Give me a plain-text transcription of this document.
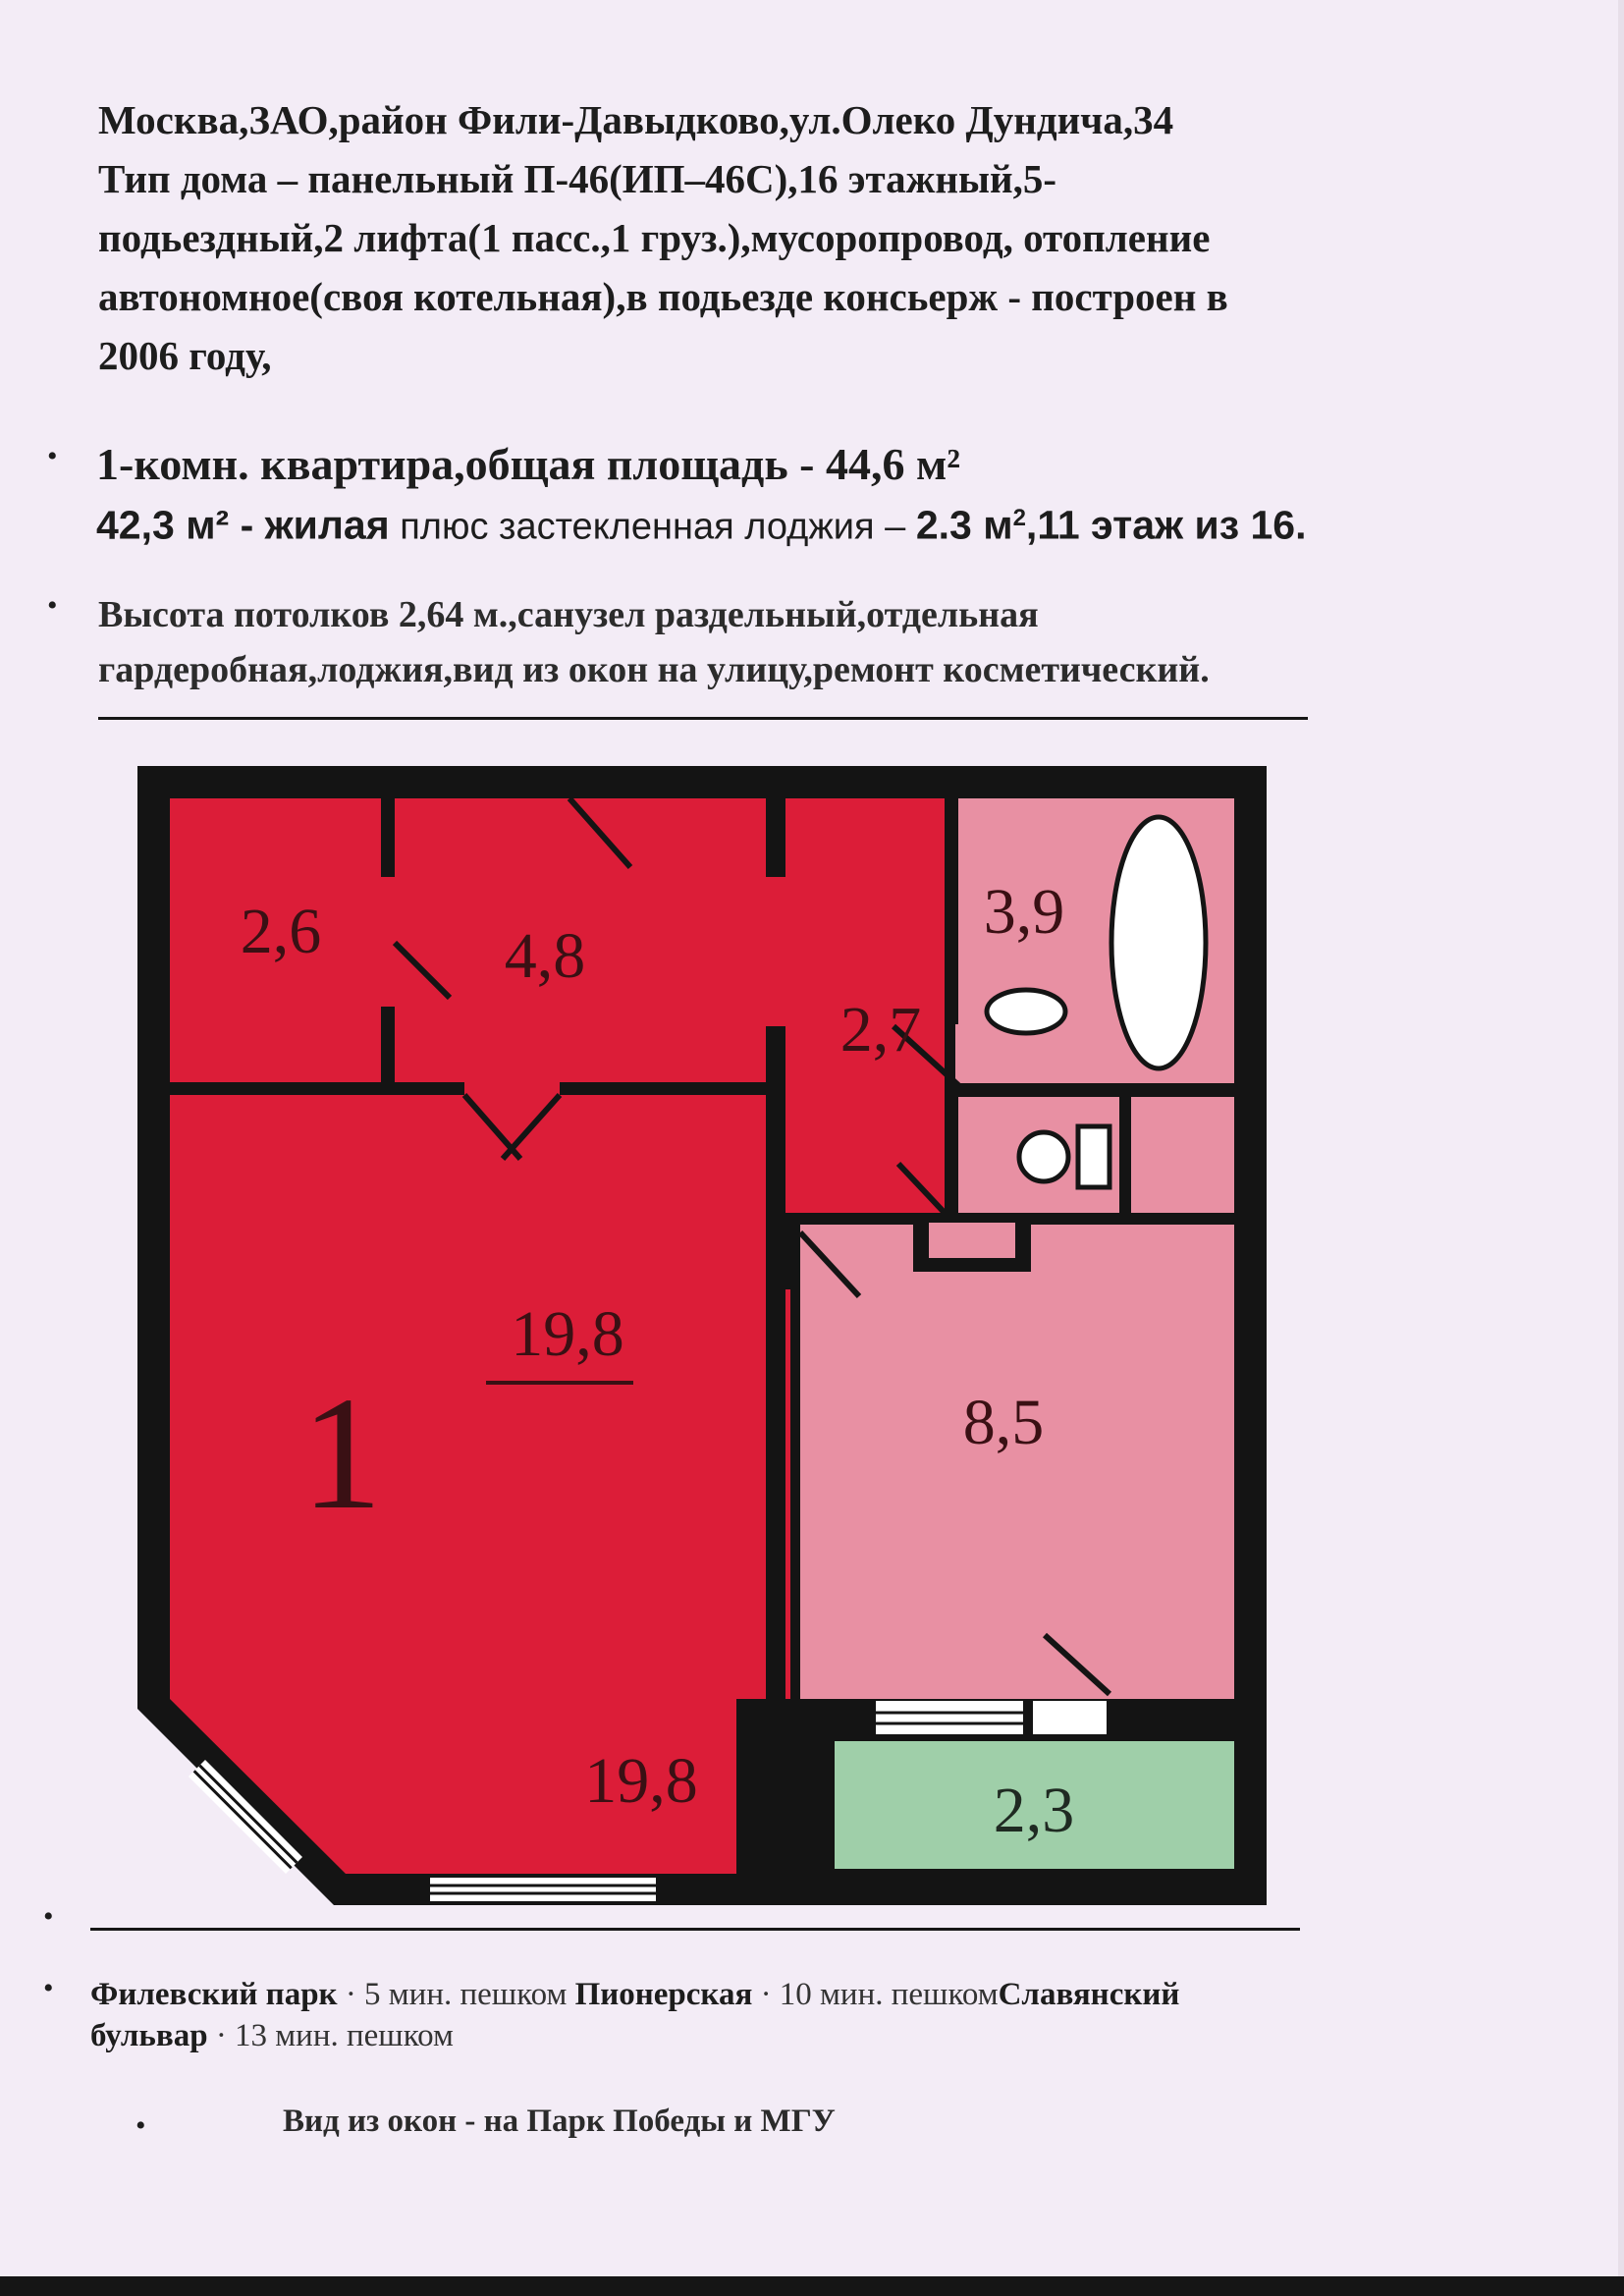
Москва,ЗАО,район Фили-Давыдково,ул.Олеко Дундича,34
Тип дома – панельный П-46(ИП–46С),16 этажный,5-
подьездный,2 лифта(1 пасс.,1 груз.),мусоропровод, отопление
автономное(своя котельная),в подьезде консьерж - построен в
2006 году,
• 1-комн. квартира,общая площадь - 44,6 м²
42,3 м² - жилая плюс застекленная лоджия – 2.3 $м^2,11$ этаж из 16.
• Высота потолков 2,64 м.,санузел раздельный,отдельная
гардеробная,лоджия,вид из окон на улицу,ремонт косметический.
2,6	4,8
2,7
3,9
1
19,8
8,5
19,8	2,3
•
• Филевский парк · 5 мин. пешком Пионерская · 10 мин. пешкомСлавянский
бульвар · 13 мин. пешком
•	Вид из окон - на Парк Победы и МГУ
